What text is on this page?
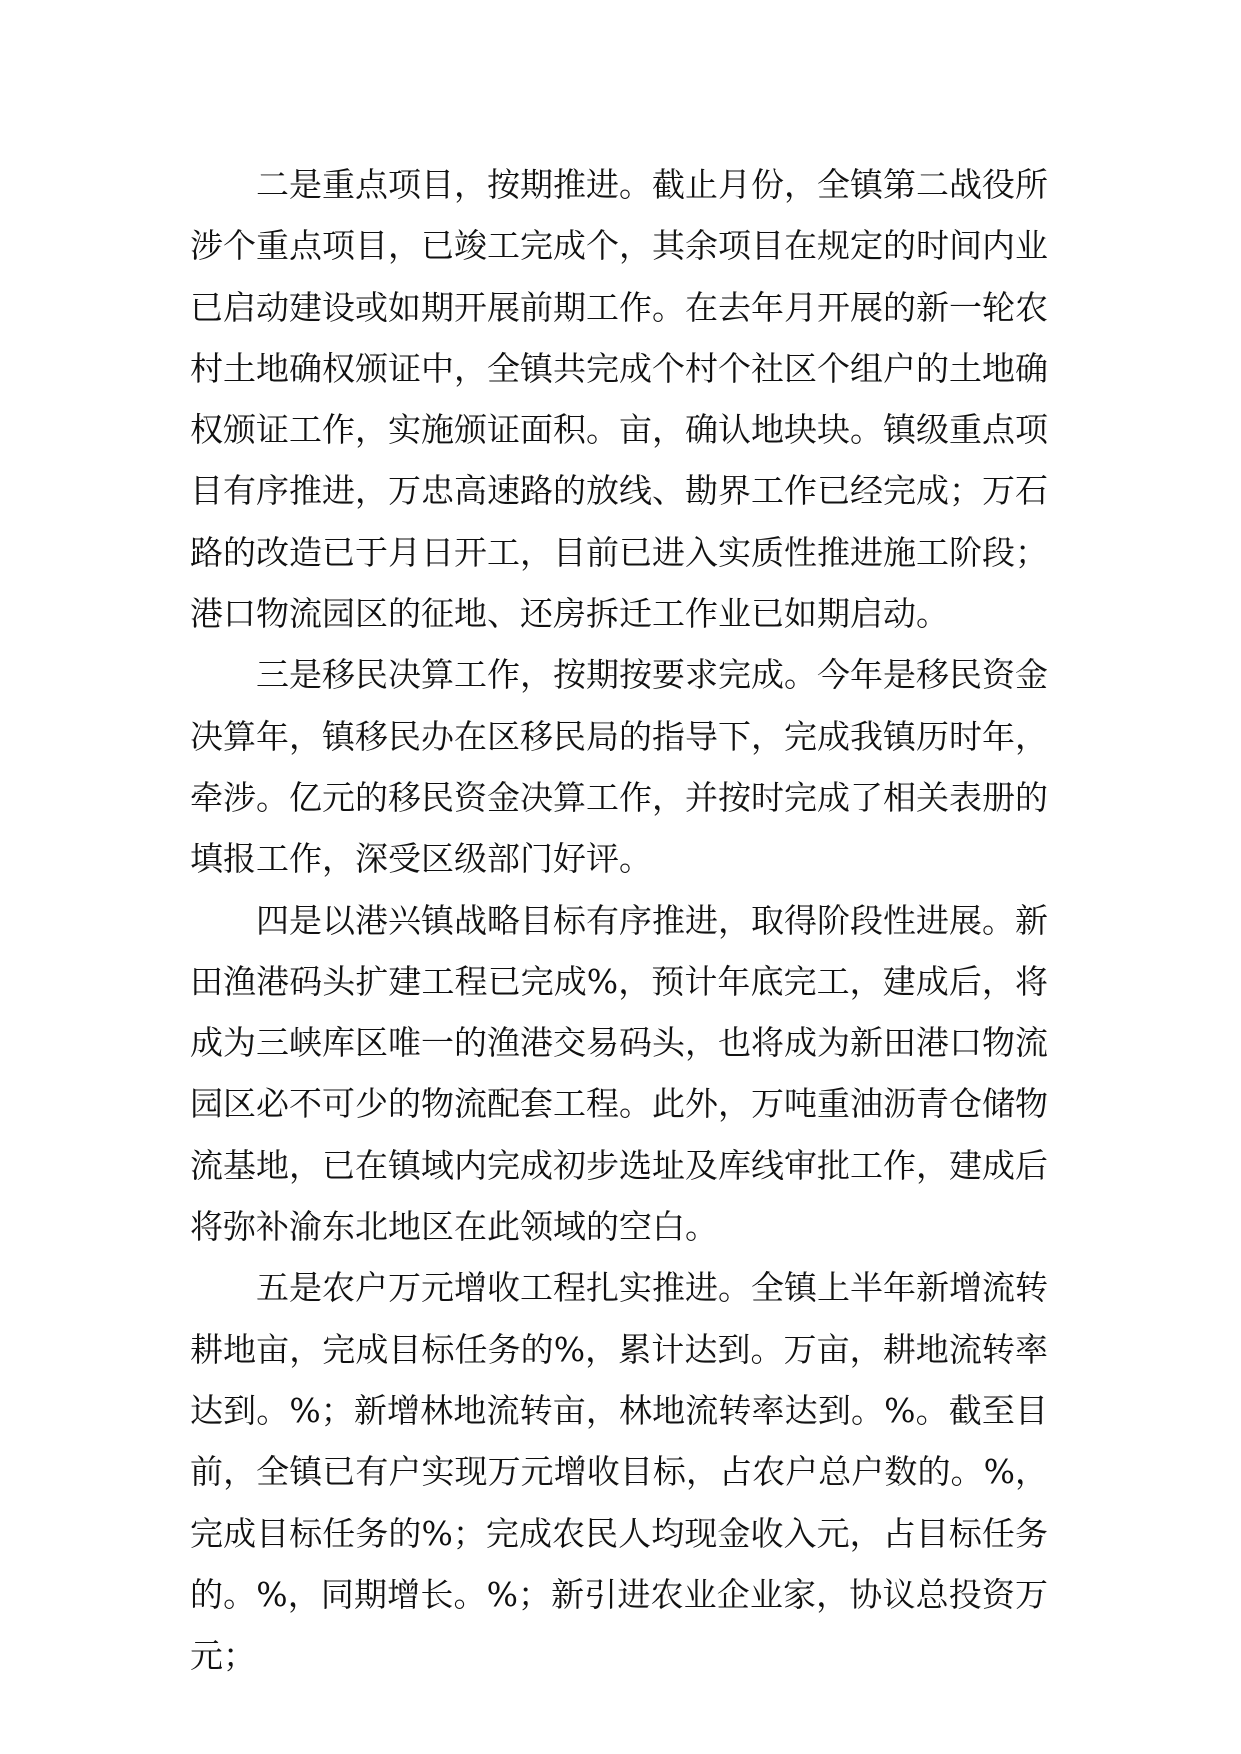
二是重点项目，按期推进。截止月份，全镇第二战役所涉个重点项目，已竣工完成个，其余项目在规定的时间内业已启动建设或如期开展前期工作。在去年月开展的新一轮农村土地确权颁证中，全镇共完成个村个社区个组户的土地确权颁证工作，实施颁证面积。亩，确认地块块。镇级重点项目有序推进，万忠高速路的放线、勘界工作已经完成；万石路的改造已于月日开工，目前已进入实质性推进施工阶段；港口物流园区的征地、还房拆迁工作业已如期启动。

三是移民决算工作，按期按要求完成。今年是移民资金决算年，镇移民办在区移民局的指导下，完成我镇历时年，牵涉。亿元的移民资金决算工作，并按时完成了相关表册的填报工作，深受区级部门好评。

四是以港兴镇战略目标有序推进，取得阶段性进展。新田渔港码头扩建工程已完成%，预计年底完工，建成后，将成为三峡库区唯一的渔港交易码头，也将成为新田港口物流园区必不可少的物流配套工程。此外，万吨重油沥青仓储物流基地，已在镇域内完成初步选址及库线审批工作，建成后将弥补渝东北地区在此领域的空白。

五是农户万元增收工程扎实推进。全镇上半年新增流转耕地亩，完成目标任务的%，累计达到。万亩，耕地流转率达到。%；新增林地流转亩，林地流转率达到。%。截至目前，全镇已有户实现万元增收目标，占农户总户数的。%，完成目标任务的%；完成农民人均现金收入元，占目标任务的。%，同期增长。%；新引进农业企业家，协议总投资万元；
